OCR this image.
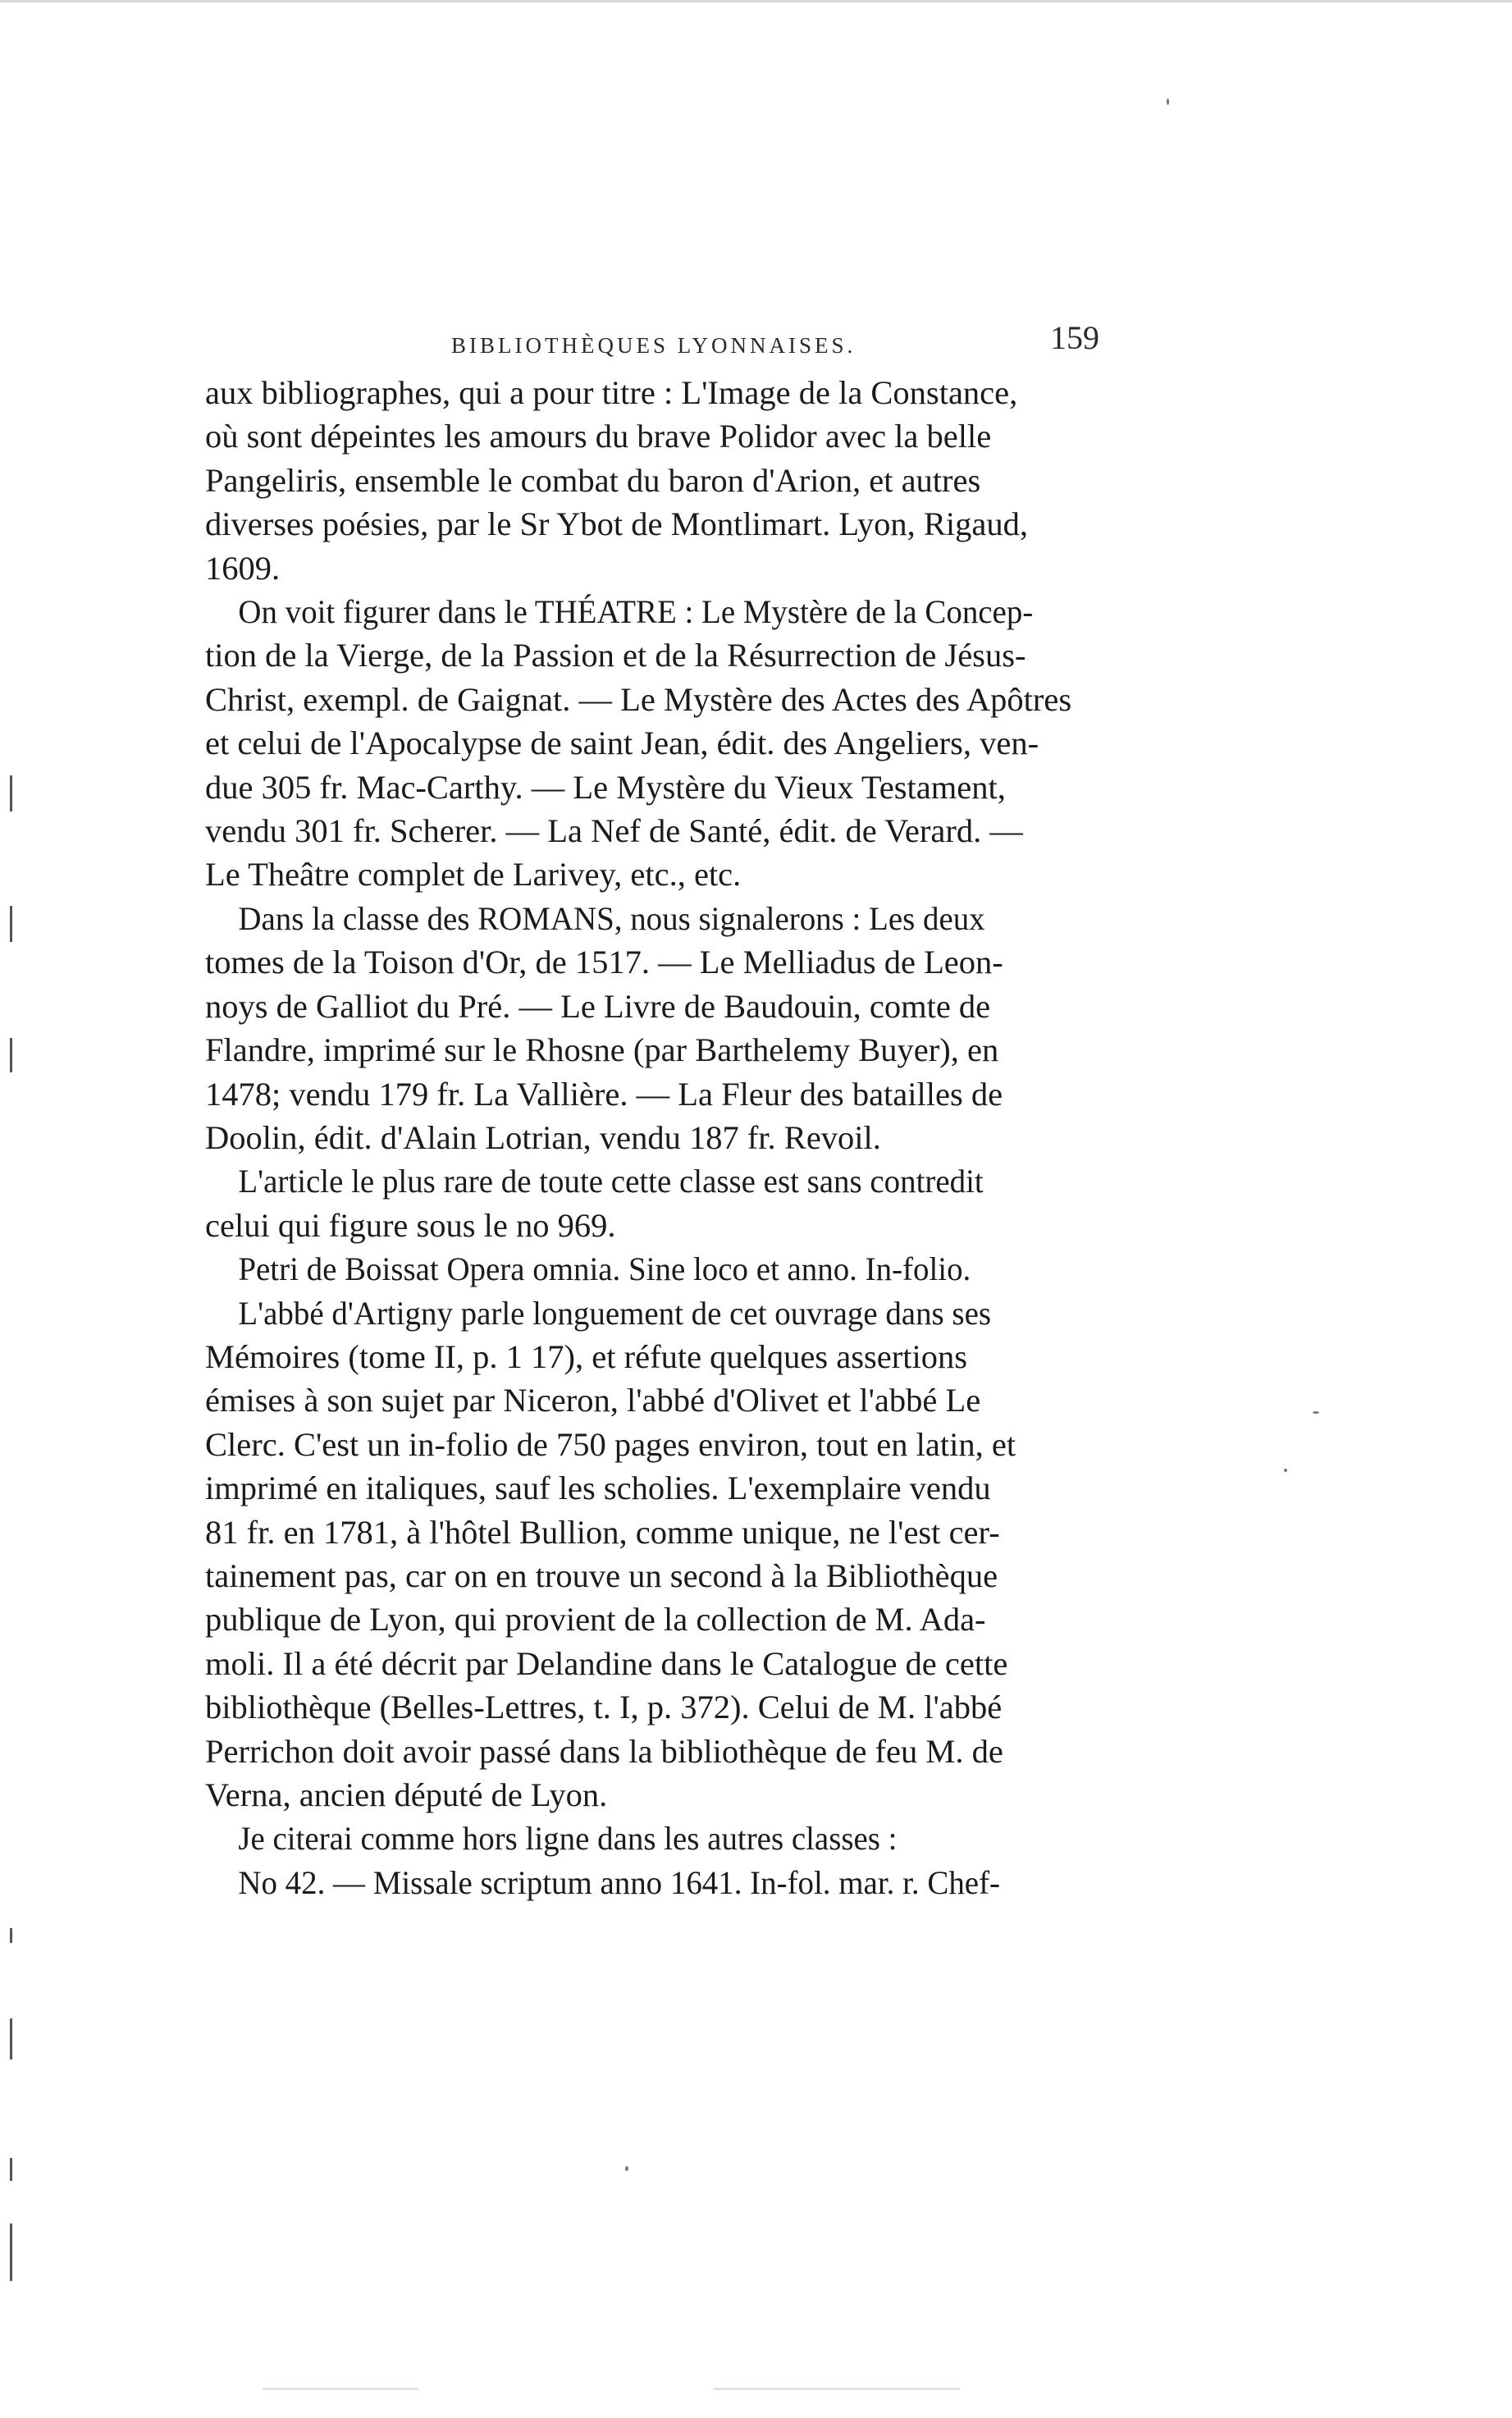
BIBLIOTHÈQUES LYONNAISES.	159

aux bibliographes, qui a pour titre : L'Image de la Constance,
où sont dépeintes les amours du brave Polidor avec la belle
Pangeliris, ensemble le combat du baron d'Arion, et autres
diverses poésies, par le Sr Ybot de Montlimart. Lyon, Rigaud,
1609.

On voit figurer dans le THÉATRE : Le Mystère de la Concep-
tion de la Vierge, de la Passion et de la Résurrection de Jésus-
Christ, exempl. de Gaignat. — Le Mystère des Actes des Apôtres
et celui de l'Apocalypse de saint Jean, édit. des Angeliers, ven-
due 305 fr. Mac-Carthy. — Le Mystère du Vieux Testament,
vendu 301 fr. Scherer. — La Nef de Santé, édit. de Verard. —
Le Theâtre complet de Larivey, etc., etc.

Dans la classe des ROMANS, nous signalerons : Les deux
tomes de la Toison d'Or, de 1517. — Le Melliadus de Leon-
noys de Galliot du Pré. — Le Livre de Baudouin, comte de
Flandre, imprimé sur le Rhosne (par Barthelemy Buyer), en
1478; vendu 179 fr. La Vallière. — La Fleur des batailles de
Doolin, édit. d'Alain Lotrian, vendu 187 fr. Revoil.

L'article le plus rare de toute cette classe est sans contredit
celui qui figure sous le no 969.

Petri de Boissat Opera omnia. Sine loco et anno. In-folio.

L'abbé d'Artigny parle longuement de cet ouvrage dans ses
Mémoires (tome II, p. 1 17), et réfute quelques assertions
émises à son sujet par Niceron, l'abbé d'Olivet et l'abbé Le
Clerc. C'est un in-folio de 750 pages environ, tout en latin, et
imprimé en italiques, sauf les scholies. L'exemplaire vendu
81 fr. en 1781, à l'hôtel Bullion, comme unique, ne l'est cer-
tainement pas, car on en trouve un second à la Bibliothèque
publique de Lyon, qui provient de la collection de M. Ada-
moli. Il a été décrit par Delandine dans le Catalogue de cette
bibliothèque (Belles-Lettres, t. I, p. 372). Celui de M. l'abbé
Perrichon doit avoir passé dans la bibliothèque de feu M. de
Verna, ancien député de Lyon.

Je citerai comme hors ligne dans les autres classes :

No 42. — Missale scriptum anno 1641. In-fol. mar. r. Chef-
